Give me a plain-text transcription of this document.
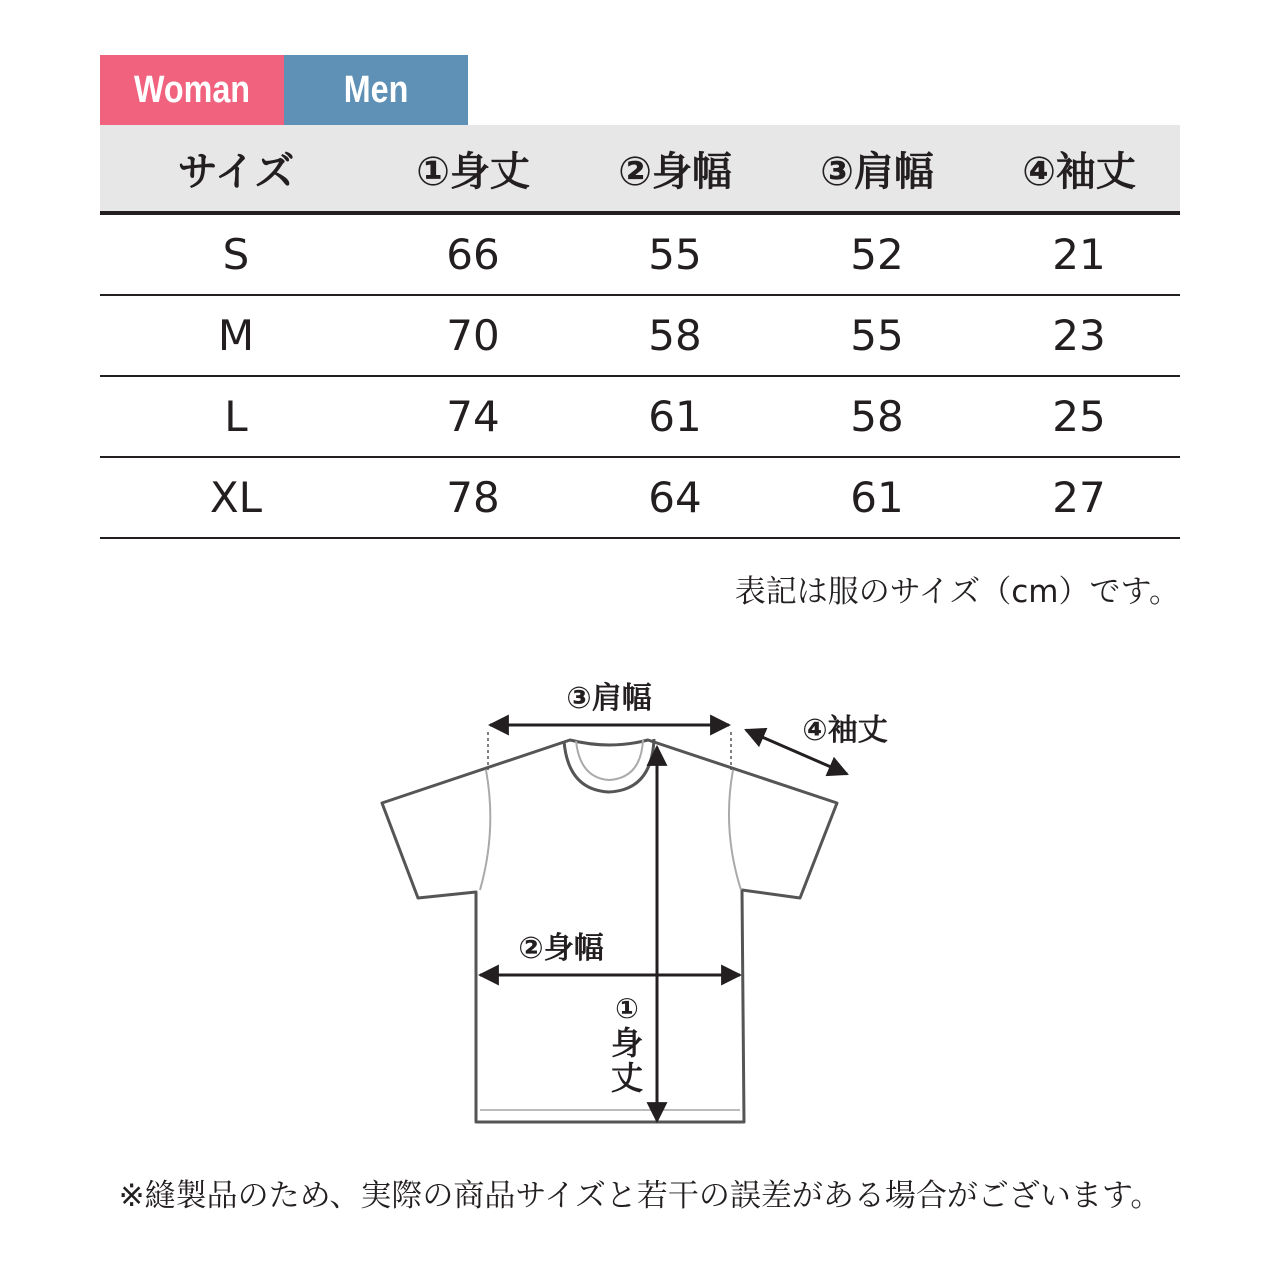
Woman	Men
サイズ	①身丈	②身幅	③肩幅	④袖丈
S	66	55	52	21
M	70	58	55	23
L	74	61	58	25
XL	78	64	61	27
表記は服のサイズ（cm）です。
③肩幅
④袖丈
②身幅
①
身
丈
※縫製品のため、実際の商品サイズと若干の誤差がある場合がございます。
